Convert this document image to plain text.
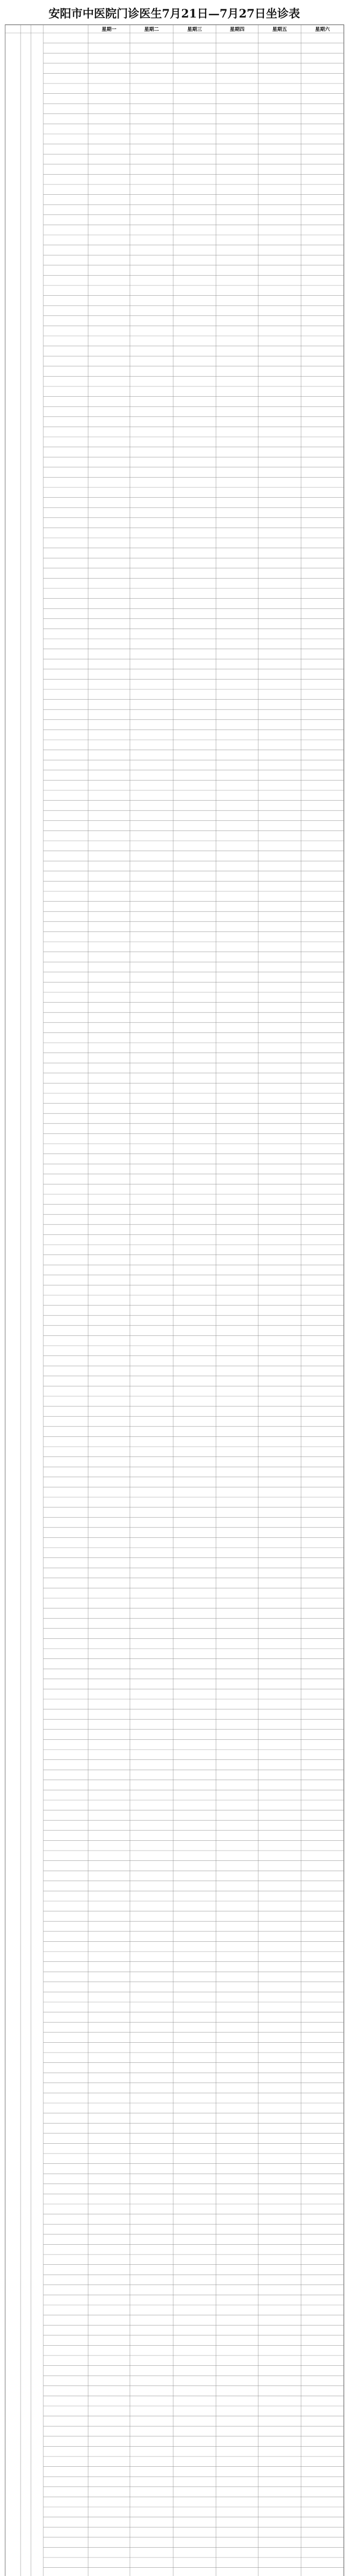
安阳市中医院门诊医生7月21日—7月27日坐诊表
星期一	星期二	星期三	星期四	星期五	星期六
